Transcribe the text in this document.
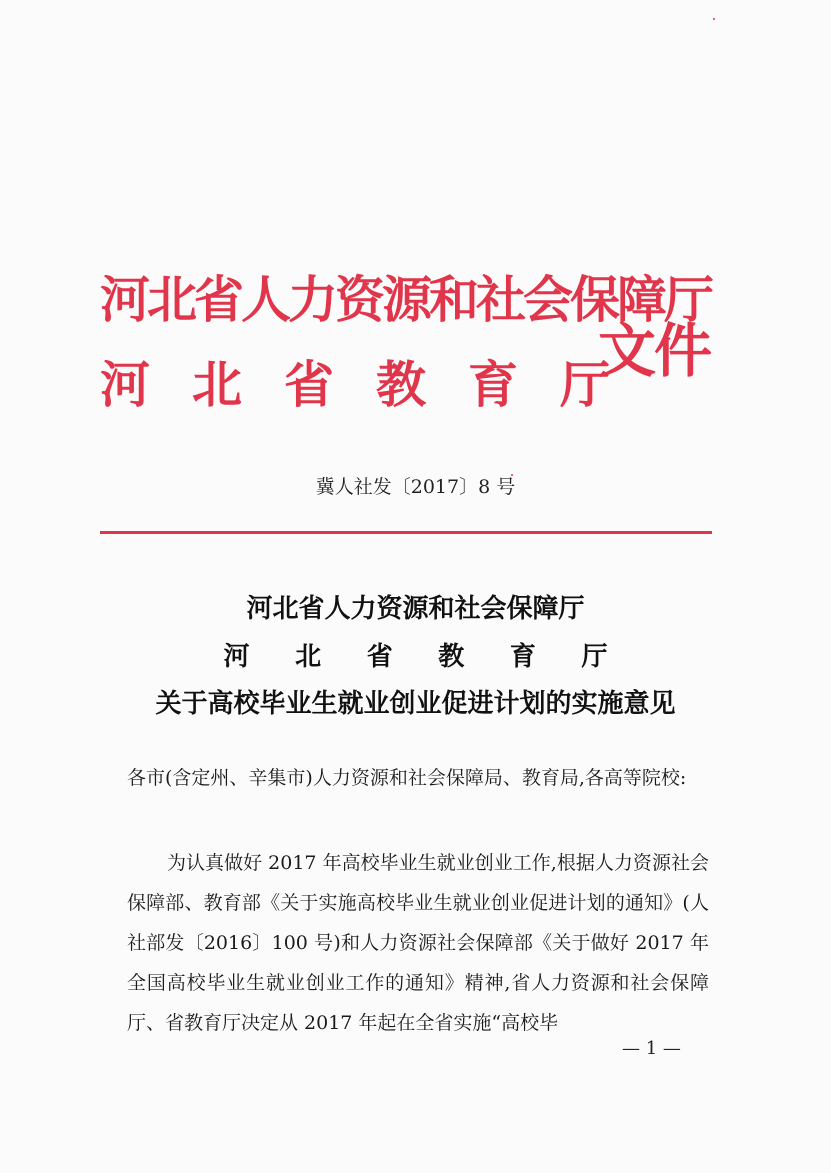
河北省人力资源和社会保障厅
河 北 省 教 育 厅
文件
冀人社发〔2017〕8 号
河北省人力资源和社会保障厅
河 北 省 教 育 厅
关于高校毕业生就业创业促进计划的实施意见
各市(含定州、辛集市)人力资源和社会保障局、教育局,各高等院校:
为认真做好 2017 年高校毕业生就业创业工作,根据人力资源社会保障部、教育部《关于实施高校毕业生就业创业促进计划的通知》(人社部发〔2016〕100 号)和人力资源社会保障部《关于做好 2017 年全国高校毕业生就业创业工作的通知》精神,省人力资源和社会保障厅、省教育厅决定从 2017 年起在全省实施“高校毕
— 1 —
